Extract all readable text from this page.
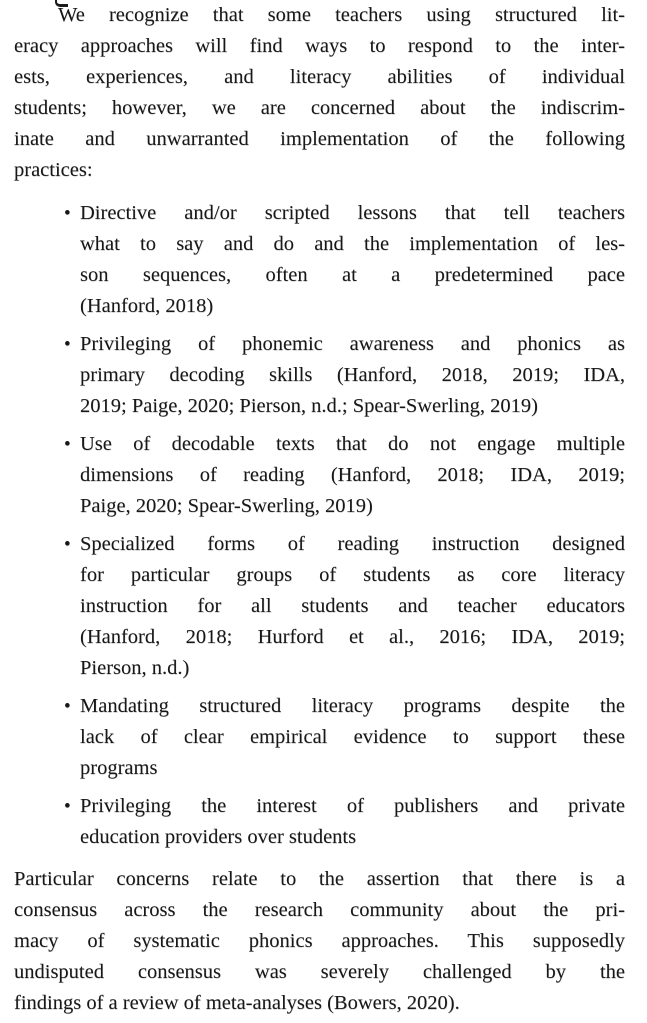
We recognize that some teachers using structured lit-
eracy approaches will find ways to respond to the inter-
ests, experiences, and literacy abilities of individual
students; however, we are concerned about the indiscrim-
inate and unwarranted implementation of the following
practices:

• Directive and/or scripted lessons that tell teachers
what to say and do and the implementation of les-
son sequences, often at a predetermined pace
(Hanford, 2018)
• Privileging of phonemic awareness and phonics as
primary decoding skills (Hanford, 2018, 2019; IDA,
2019; Paige, 2020; Pierson, n.d.; Spear-Swerling, 2019)
• Use of decodable texts that do not engage multiple
dimensions of reading (Hanford, 2018; IDA, 2019;
Paige, 2020; Spear-Swerling, 2019)
• Specialized forms of reading instruction designed
for particular groups of students as core literacy
instruction for all students and teacher educators
(Hanford, 2018; Hurford et al., 2016; IDA, 2019;
Pierson, n.d.)
• Mandating structured literacy programs despite the
lack of clear empirical evidence to support these
programs
• Privileging the interest of publishers and private
education providers over students

Particular concerns relate to the assertion that there is a
consensus across the research community about the pri-
macy of systematic phonics approaches. This supposedly
undisputed consensus was severely challenged by the
findings of a review of meta-analyses (Bowers, 2020).
